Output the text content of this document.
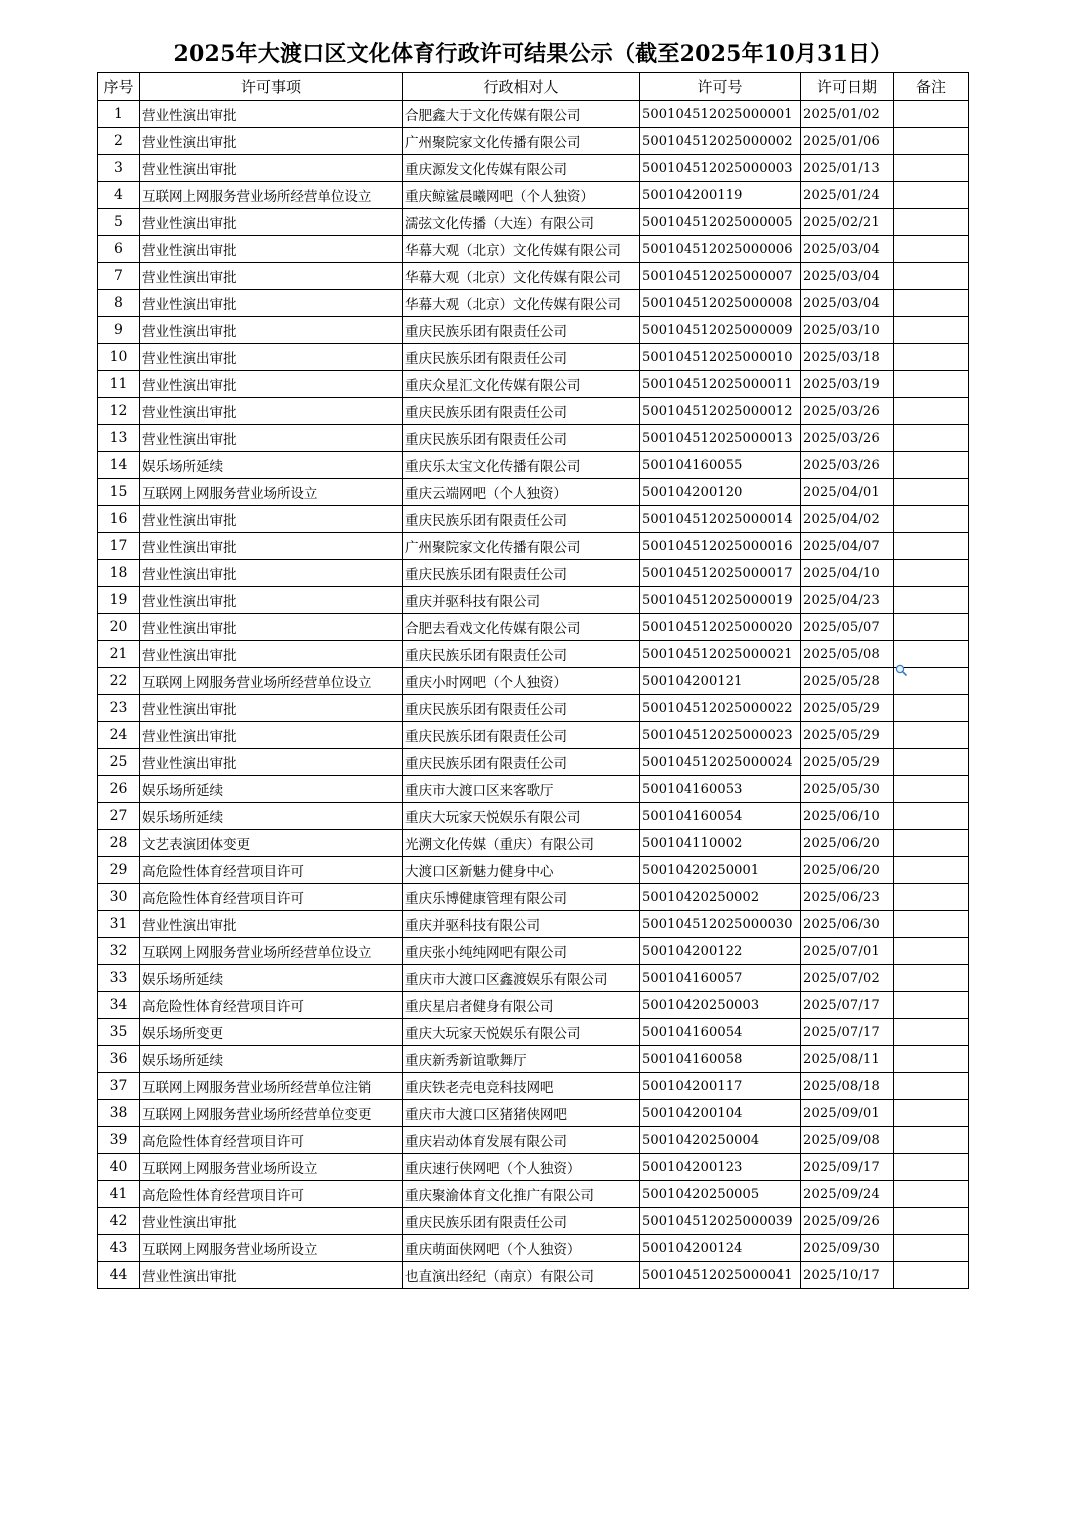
2025年大渡口区文化体育行政许可结果公示（截至2025年10月31日）
序号	许可事项	行政相对人	许可号	许可日期	备注
1	营业性演出审批	合肥鑫大于文化传媒有限公司	500104512025000001	2025/01/02	
2	营业性演出审批	广州聚院家文化传播有限公司	500104512025000002	2025/01/06	
3	营业性演出审批	重庆源发文化传媒有限公司	500104512025000003	2025/01/13	
4	互联网上网服务营业场所经营单位设立	重庆鲸鲨晨曦网吧（个人独资）	500104200119	2025/01/24	
5	营业性演出审批	濡弦文化传播（大连）有限公司	500104512025000005	2025/02/21	
6	营业性演出审批	华幕大观（北京）文化传媒有限公司	500104512025000006	2025/03/04	
7	营业性演出审批	华幕大观（北京）文化传媒有限公司	500104512025000007	2025/03/04	
8	营业性演出审批	华幕大观（北京）文化传媒有限公司	500104512025000008	2025/03/04	
9	营业性演出审批	重庆民族乐团有限责任公司	500104512025000009	2025/03/10	
10	营业性演出审批	重庆民族乐团有限责任公司	500104512025000010	2025/03/18	
11	营业性演出审批	重庆众星汇文化传媒有限公司	500104512025000011	2025/03/19	
12	营业性演出审批	重庆民族乐团有限责任公司	500104512025000012	2025/03/26	
13	营业性演出审批	重庆民族乐团有限责任公司	500104512025000013	2025/03/26	
14	娱乐场所延续	重庆乐太宝文化传播有限公司	500104160055	2025/03/26	
15	互联网上网服务营业场所设立	重庆云端网吧（个人独资）	500104200120	2025/04/01	
16	营业性演出审批	重庆民族乐团有限责任公司	500104512025000014	2025/04/02	
17	营业性演出审批	广州聚院家文化传播有限公司	500104512025000016	2025/04/07	
18	营业性演出审批	重庆民族乐团有限责任公司	500104512025000017	2025/04/10	
19	营业性演出审批	重庆并驱科技有限公司	500104512025000019	2025/04/23	
20	营业性演出审批	合肥去看戏文化传媒有限公司	500104512025000020	2025/05/07	
21	营业性演出审批	重庆民族乐团有限责任公司	500104512025000021	2025/05/08	
22	互联网上网服务营业场所经营单位设立	重庆小时网吧（个人独资）	500104200121	2025/05/28	
23	营业性演出审批	重庆民族乐团有限责任公司	500104512025000022	2025/05/29	
24	营业性演出审批	重庆民族乐团有限责任公司	500104512025000023	2025/05/29	
25	营业性演出审批	重庆民族乐团有限责任公司	500104512025000024	2025/05/29	
26	娱乐场所延续	重庆市大渡口区来客歌厅	500104160053	2025/05/30	
27	娱乐场所延续	重庆大玩家天悦娱乐有限公司	500104160054	2025/06/10	
28	文艺表演团体变更	光溯文化传媒（重庆）有限公司	500104110002	2025/06/20	
29	高危险性体育经营项目许可	大渡口区新魅力健身中心	50010420250001	2025/06/20	
30	高危险性体育经营项目许可	重庆乐博健康管理有限公司	50010420250002	2025/06/23	
31	营业性演出审批	重庆并驱科技有限公司	500104512025000030	2025/06/30	
32	互联网上网服务营业场所经营单位设立	重庆张小纯纯网吧有限公司	500104200122	2025/07/01	
33	娱乐场所延续	重庆市大渡口区鑫渡娱乐有限公司	500104160057	2025/07/02	
34	高危险性体育经营项目许可	重庆星启者健身有限公司	50010420250003	2025/07/17	
35	娱乐场所变更	重庆大玩家天悦娱乐有限公司	500104160054	2025/07/17	
36	娱乐场所延续	重庆新秀新谊歌舞厅	500104160058	2025/08/11	
37	互联网上网服务营业场所经营单位注销	重庆铁老壳电竞科技网吧	500104200117	2025/08/18	
38	互联网上网服务营业场所经营单位变更	重庆市大渡口区猪猪侠网吧	500104200104	2025/09/01	
39	高危险性体育经营项目许可	重庆岩动体育发展有限公司	50010420250004	2025/09/08	
40	互联网上网服务营业场所设立	重庆速行侠网吧（个人独资）	500104200123	2025/09/17	
41	高危险性体育经营项目许可	重庆聚渝体育文化推广有限公司	50010420250005	2025/09/24	
42	营业性演出审批	重庆民族乐团有限责任公司	500104512025000039	2025/09/26	
43	互联网上网服务营业场所设立	重庆萌面侠网吧（个人独资）	500104200124	2025/09/30	
44	营业性演出审批	也直演出经纪（南京）有限公司	500104512025000041	2025/10/17	
